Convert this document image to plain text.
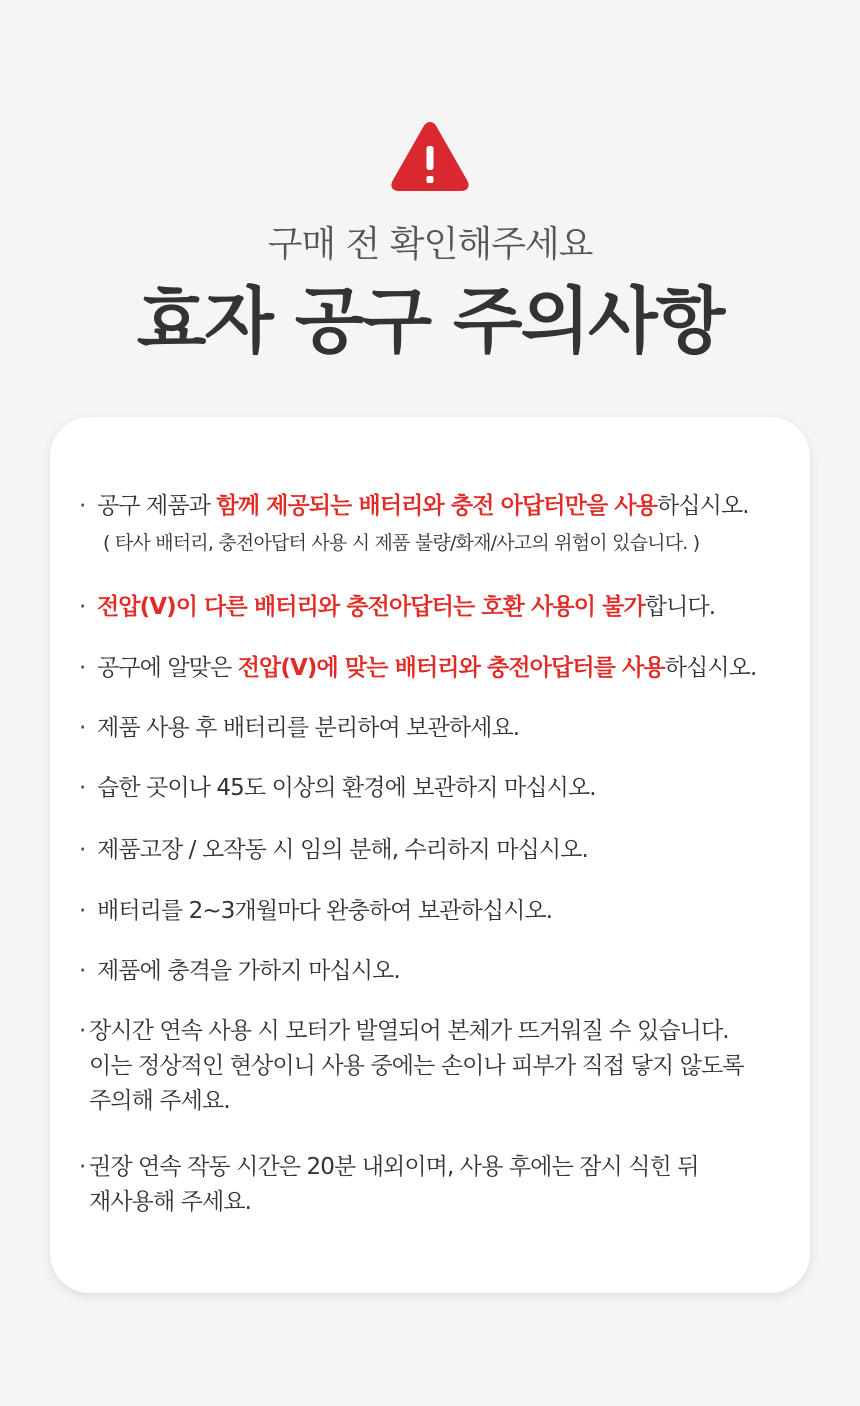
구매 전 확인해주세요
효자 공구 주의사항
· 공구 제품과 함께 제공되는 배터리와 충전 아답터만을 사용하십시오.
( 타사 배터리, 충전아답터 사용 시 제품 불량/화재/사고의 위험이 있습니다. )
· 전압(V)이 다른 배터리와 충전아답터는 호환 사용이 불가합니다.
· 공구에 알맞은 전압(V)에 맞는 배터리와 충전아답터를 사용하십시오.
· 제품 사용 후 배터리를 분리하여 보관하세요.
· 습한 곳이나 45도 이상의 환경에 보관하지 마십시오.
· 제품고장 / 오작동 시 임의 분해, 수리하지 마십시오.
· 배터리를 2~3개월마다 완충하여 보관하십시오.
· 제품에 충격을 가하지 마십시오.
· 장시간 연속 사용 시 모터가 발열되어 본체가 뜨거워질 수 있습니다.
이는 정상적인 현상이니 사용 중에는 손이나 피부가 직접 닿지 않도록
주의해 주세요.
· 권장 연속 작동 시간은 20분 내외이며, 사용 후에는 잠시 식힌 뒤
재사용해 주세요.
